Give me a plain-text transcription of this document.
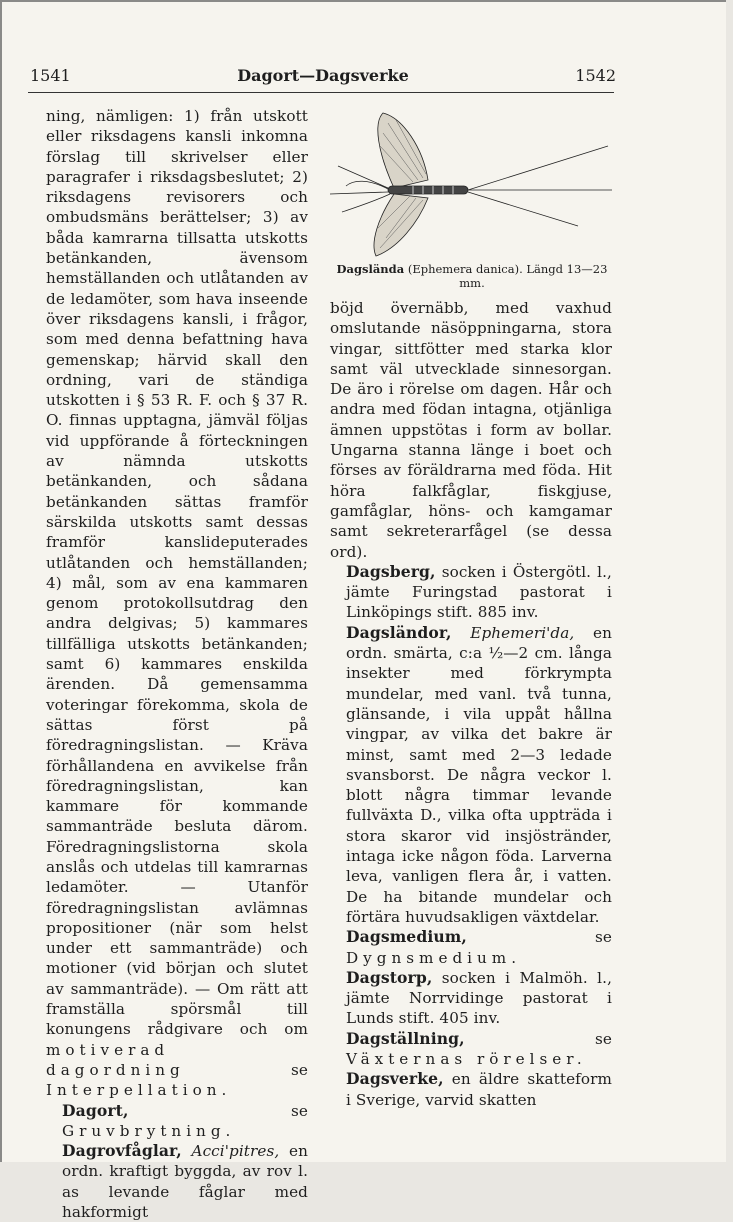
1541	Dagort—Dagsverke	1542

ning, nämligen: 1) från utskott eller riksdagens kansli inkomna förslag till skrivelser eller paragrafer i riksdagsbeslutet; 2) riksdagens revisorers och ombudsmäns berättelser; 3) av båda kamrarna tillsatta utskotts betänkanden, ävensom hemställanden och utlåtanden av de ledamöter, som hava inseende över riksdagens kansli, i frågor, som med denna befattning hava gemenskap; härvid skall den ordning, vari de ständiga utskotten i § 53 R. F. och § 37 R. O. finnas upptagna, jämväl följas vid uppförande å förteckningen av nämnda utskotts betänkanden, och sådana betänkanden sättas framför särskilda utskotts samt dessas framför kanslideputerades utlåtanden och hemställanden; 4) mål, som av ena kammaren genom protokollsutdrag den andra delgivas; 5) kammares tillfälliga utskotts betänkanden; samt 6) kammares enskilda ärenden. Då gemensamma voteringar förekomma, skola de sättas först på föredragningslistan. — Kräva förhållandena en avvikelse från föredragningslistan, kan kammare för kommande sammanträde besluta därom. Föredragningslistorna skola anslås och utdelas till kamrarnas ledamöter. — Utanför föredragningslistan avlämnas propositioner (när som helst under ett sammanträde) och motioner (vid början och slutet av sammanträde). — Om rätt att framställa spörsmål till konungens rådgivare och om motiverad dagordning	se Interpellation.

Dagort,	se Gruvbrytning.

Dagrovfåglar, Acci'pitres, en ordn. kraftigt byggda, av rov l. as levande fåglar med hakformigt

Dagslända (Ephemera danica). Längd 13—23 mm.

böjd övernäbb, med vaxhud omslutande näsöppningarna, stora vingar, sittfötter med starka klor samt väl utvecklade sinnesorgan. De äro i rörelse om dagen. Hår och andra med födan intagna, otjänliga ämnen uppstötas i form av bollar. Ungarna stanna länge i boet och förses av föräldrarna med föda. Hit höra falkfåglar, fiskgjuse, gamfåglar, höns- och kamgamar samt sekreterarfågel (se dessa ord).

Dagsberg, socken i Östergötl. l., jämte Furingstad pastorat i Linköpings stift. 885 inv.

Dagsländor, Ephemeri'da, en ordn. smärta, c:a ½—2 cm. långa insekter med förkrympta mundelar, med vanl. två tunna, glänsande, i vila uppåt hållna vingpar, av vilka det bakre är minst, samt med 2—3 ledade svansborst. De några veckor l. blott några timmar levande fullväxta D., vilka ofta uppträda i stora skaror vid insjöstränder, intaga icke någon föda. Larverna leva, vanligen flera år, i vatten. De ha bitande mundelar och förtära huvudsakligen växtdelar.

Dagsmedium,	se Dygnsmedium.

Dagstorp, socken i Malmöh. l., jämte Norrvidinge pastorat i Lunds stift. 405 inv.

Dagställning,	se Växternas rörelser.

Dagsverke, en äldre skatteform i Sverige, varvid skatten
